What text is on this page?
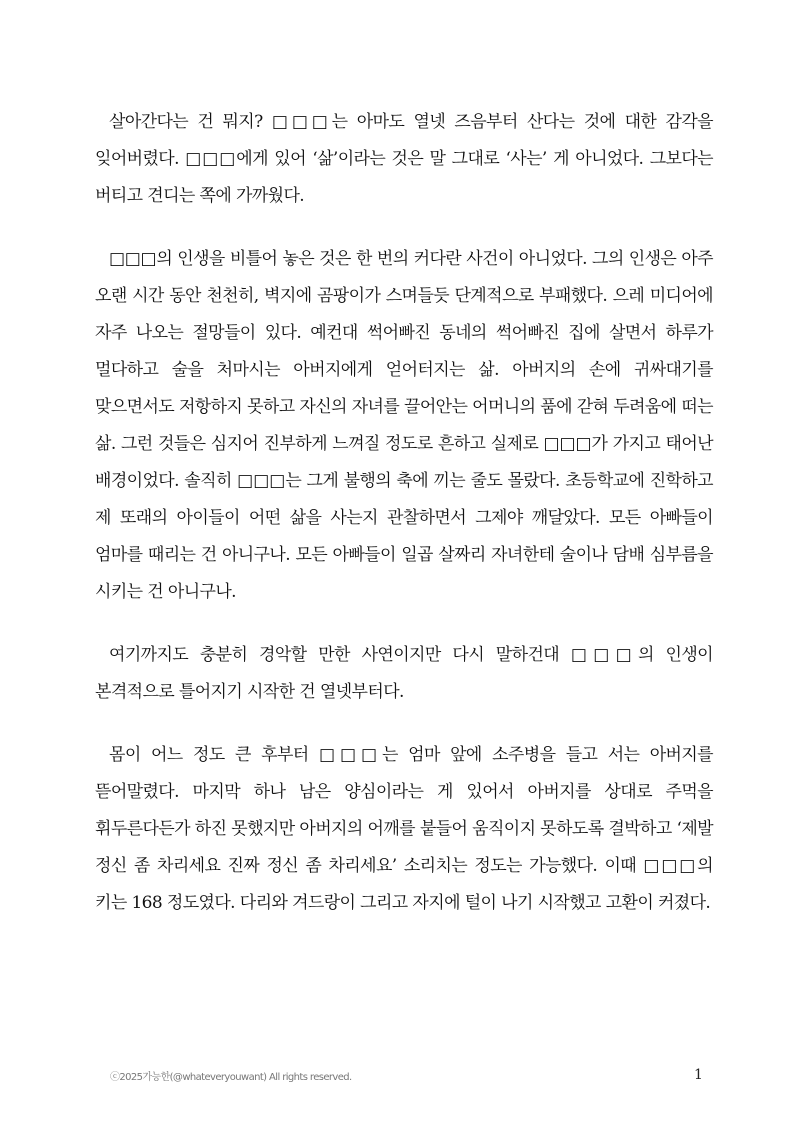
살아간다는 건 뭐지? □□□는 아마도 열넷 즈음부터 산다는 것에 대한 감각을 잊어버렸다. □□□에게 있어 ‘삶’이라는 것은 말 그대로 ‘사는’ 게 아니었다. 그보다는 버티고 견디는 쪽에 가까웠다.

□□□의 인생을 비틀어 놓은 것은 한 번의 커다란 사건이 아니었다. 그의 인생은 아주 오랜 시간 동안 천천히, 벽지에 곰팡이가 스며들듯 단계적으로 부패했다. 으레 미디어에 자주 나오는 절망들이 있다. 예컨대 썩어빠진 동네의 썩어빠진 집에 살면서 하루가 멀다하고 술을 처마시는 아버지에게 얻어터지는 삶. 아버지의 손에 귀싸대기를 맞으면서도 저항하지 못하고 자신의 자녀를 끌어안는 어머니의 품에 갇혀 두려움에 떠는 삶. 그런 것들은 심지어 진부하게 느껴질 정도로 흔하고 실제로 □□□가 가지고 태어난 배경이었다. 솔직히 □□□는 그게 불행의 축에 끼는 줄도 몰랐다. 초등학교에 진학하고 제 또래의 아이들이 어떤 삶을 사는지 관찰하면서 그제야 깨달았다. 모든 아빠들이 엄마를 때리는 건 아니구나. 모든 아빠들이 일곱 살짜리 자녀한테 술이나 담배 심부름을 시키는 건 아니구나.

여기까지도 충분히 경악할 만한 사연이지만 다시 말하건대 □□□의 인생이 본격적으로 틀어지기 시작한 건 열넷부터다.

몸이 어느 정도 큰 후부터 □□□는 엄마 앞에 소주병을 들고 서는 아버지를 뜯어말렸다. 마지막 하나 남은 양심이라는 게 있어서 아버지를 상대로 주먹을 휘두른다든가 하진 못했지만 아버지의 어깨를 붙들어 움직이지 못하도록 결박하고 ‘제발 정신 좀 차리세요 진짜 정신 좀 차리세요’ 소리치는 정도는 가능했다. 이때 □□□의 키는 168 정도였다. 다리와 겨드랑이 그리고 자지에 털이 나기 시작했고 고환이 커졌다.

ⓒ2025가능한(@whateveryouwant) All rights reserved.	1
